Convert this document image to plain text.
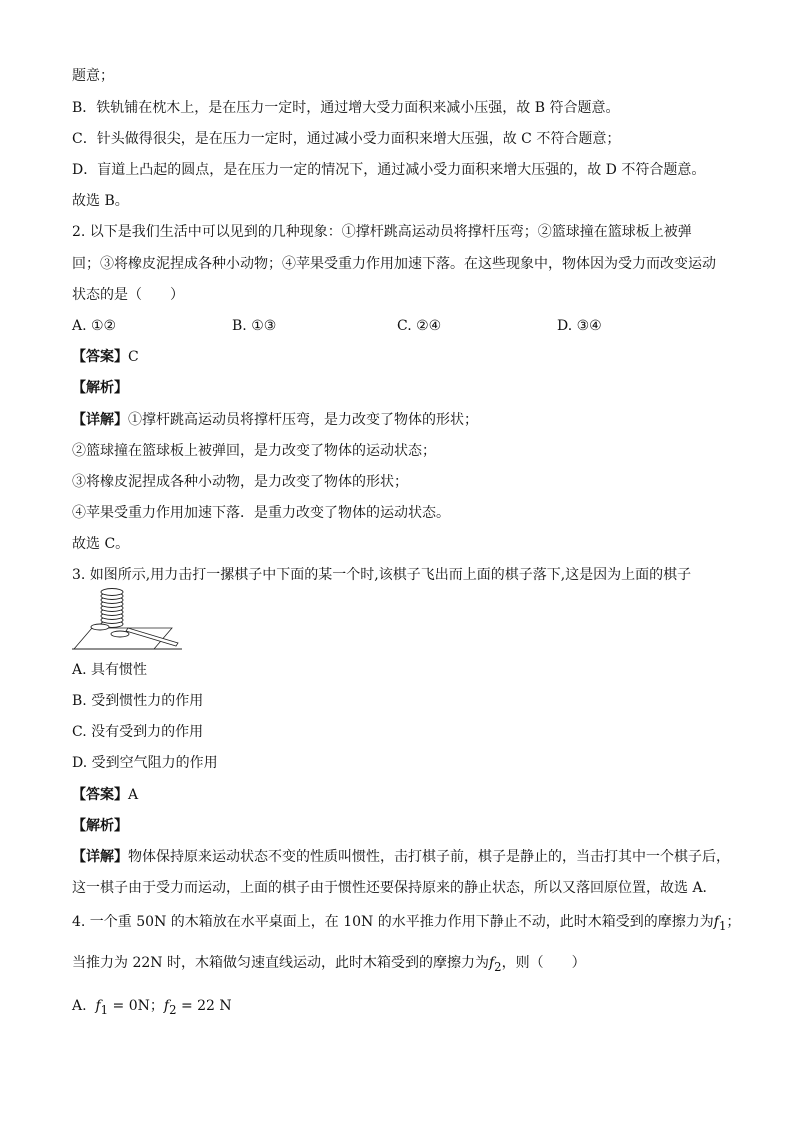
题意；
B．铁轨铺在枕木上，是在压力一定时，通过增大受力面积来减小压强，故 B 符合题意。
C．针头做得很尖，是在压力一定时，通过减小受力面积来增大压强，故 C 不符合题意；
D．盲道上凸起的圆点，是在压力一定的情况下，通过减小受力面积来增大压强的，故 D 不符合题意。
故选 B。
2. 以下是我们生活中可以见到的几种现象：①撑杆跳高运动员将撑杆压弯；②篮球撞在篮球板上被弹
回；③将橡皮泥捏成各种小动物；④苹果受重力作用加速下落。在这些现象中，物体因为受力而改变运动
状态的是（　　）
A. ①②	B. ①③	C. ②④	D. ③④
【答案】C
【解析】
【详解】①撑杆跳高运动员将撑杆压弯，是力改变了物体的形状；
②篮球撞在篮球板上被弹回，是力改变了物体的运动状态；
③将橡皮泥捏成各种小动物，是力改变了物体的形状；
④苹果受重力作用加速下落．是重力改变了物体的运动状态。
故选 C。
3. 如图所示,用力击打一摞棋子中下面的某一个时,该棋子飞出而上面的棋子落下,这是因为上面的棋子
A. 具有惯性
B. 受到惯性力的作用
C. 没有受到力的作用
D. 受到空气阻力的作用
【答案】A
【解析】
【详解】物体保持原来运动状态不变的性质叫惯性，击打棋子前，棋子是静止的，当击打其中一个棋子后，
这一棋子由于受力而运动，上面的棋子由于惯性还要保持原来的静止状态，所以又落回原位置，故选 A．
4. 一个重 50N 的木箱放在水平桌面上，在 10N 的水平推力作用下静止不动，此时木箱受到的摩擦力为$f_1$；
当推力为 22N 时，木箱做匀速直线运动，此时木箱受到的摩擦力为$f_2$，则（　　）
A. $f_1 = 0N$；$f_2 = 22$ N
